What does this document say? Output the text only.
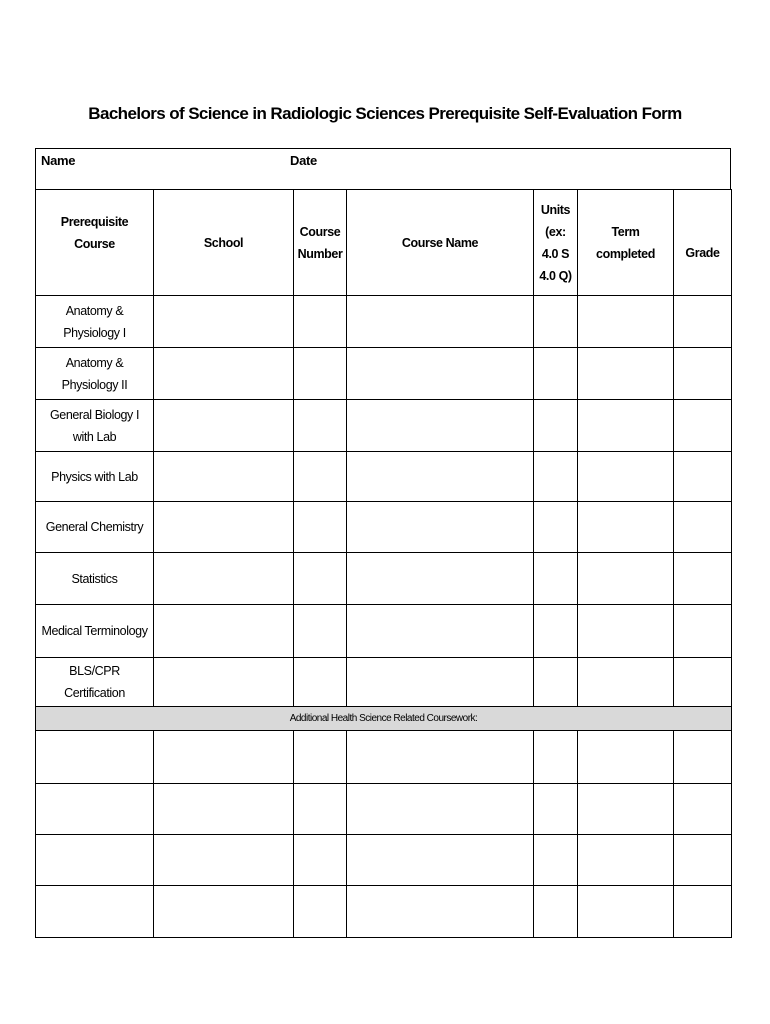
Bachelors of Science in Radiologic Sciences Prerequisite Self-Evaluation Form
Name	Date
Prerequisite Course	School	Course Number	Course Name	Units (ex: 4.0 S 4.0 Q)	Term completed	Grade
Anatomy & Physiology I						
Anatomy & Physiology II						
General Biology I with Lab						
Physics with Lab						
General Chemistry						
Statistics						
Medical Terminology						
BLS/CPR Certification						
Additional Health Science Related Coursework:						
